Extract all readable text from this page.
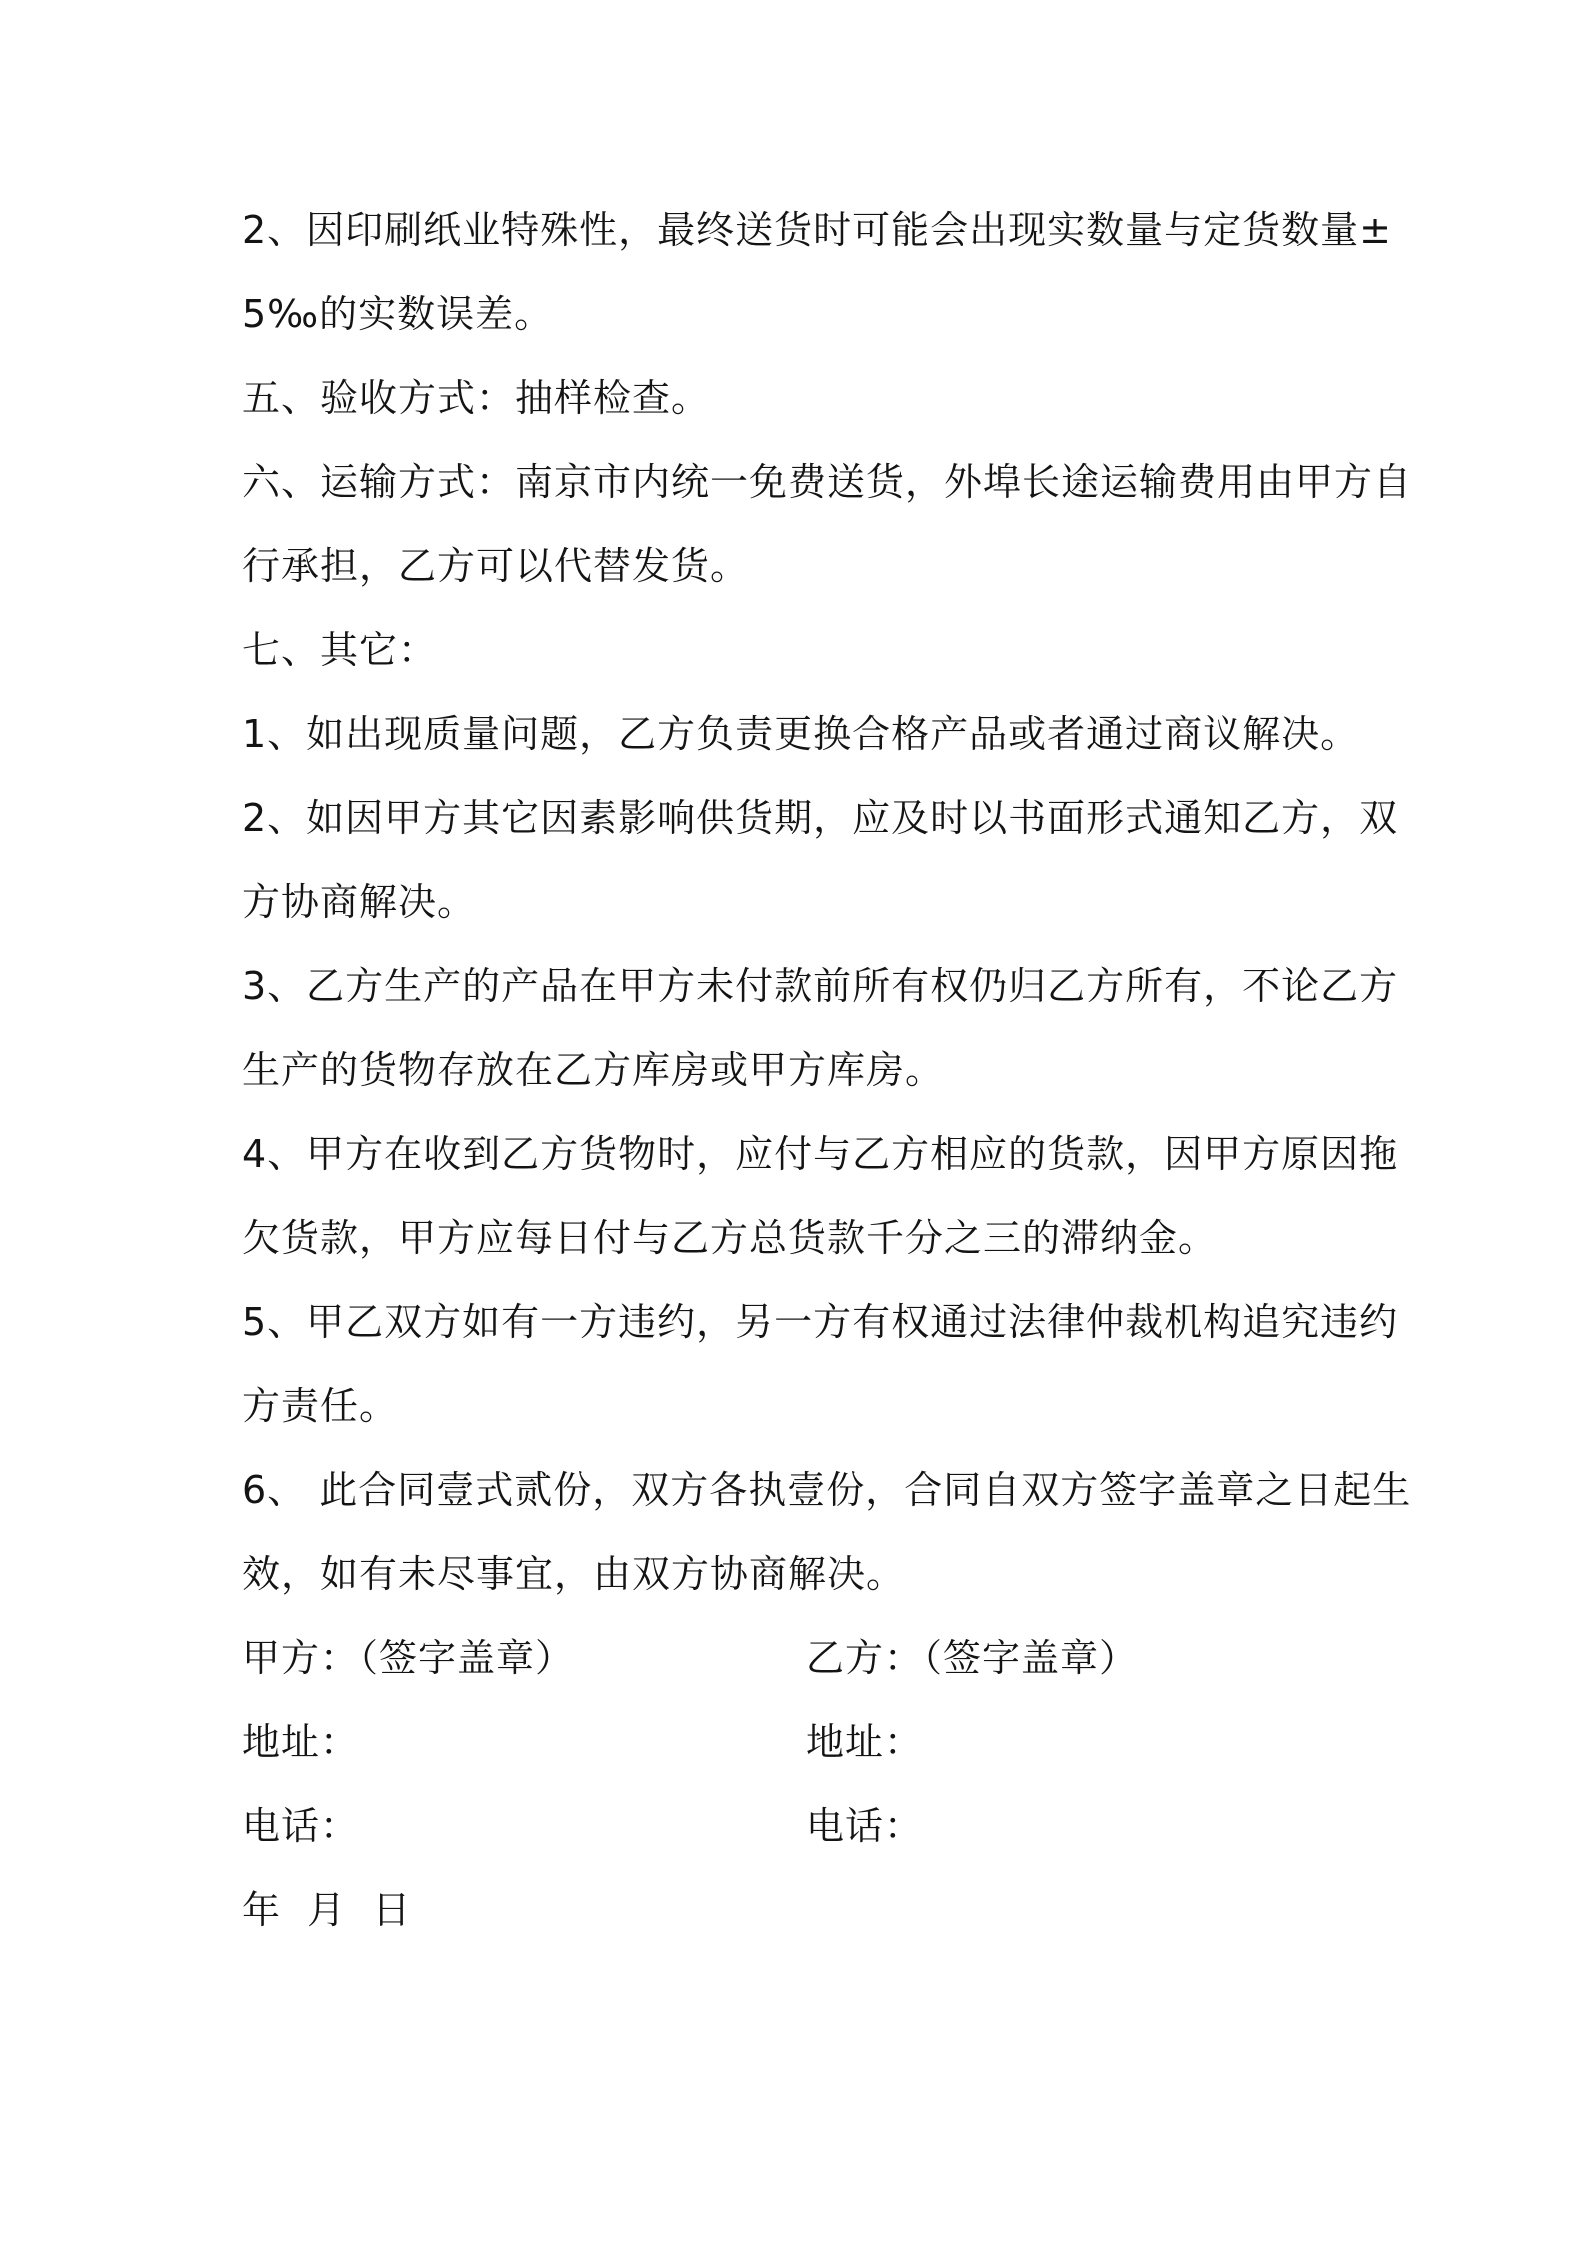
2、因印刷纸业特殊性，最终送货时可能会出现实数量与定货数量±
5‰的实数误差。

五、验收方式：抽样检查。

六、运输方式：南京市内统一免费送货，外埠长途运输费用由甲方自
行承担，乙方可以代替发货。

七、其它：

1、如出现质量问题，乙方负责更换合格产品或者通过商议解决。

2、如因甲方其它因素影响供货期，应及时以书面形式通知乙方，双
方协商解决。

3、乙方生产的产品在甲方未付款前所有权仍归乙方所有，不论乙方
生产的货物存放在乙方库房或甲方库房。

4、甲方在收到乙方货物时，应付与乙方相应的货款，因甲方原因拖
欠货款，甲方应每日付与乙方总货款千分之三的滞纳金。

5、甲乙双方如有一方违约，另一方有权通过法律仲裁机构追究违约
方责任。

6、 此合同壹式贰份，双方各执壹份，合同自双方签字盖章之日起生
效，如有未尽事宜，由双方协商解决。

甲方：（签字盖章）	乙方：（签字盖章）
地址：	地址：
电话：	电话：
年  月  日
